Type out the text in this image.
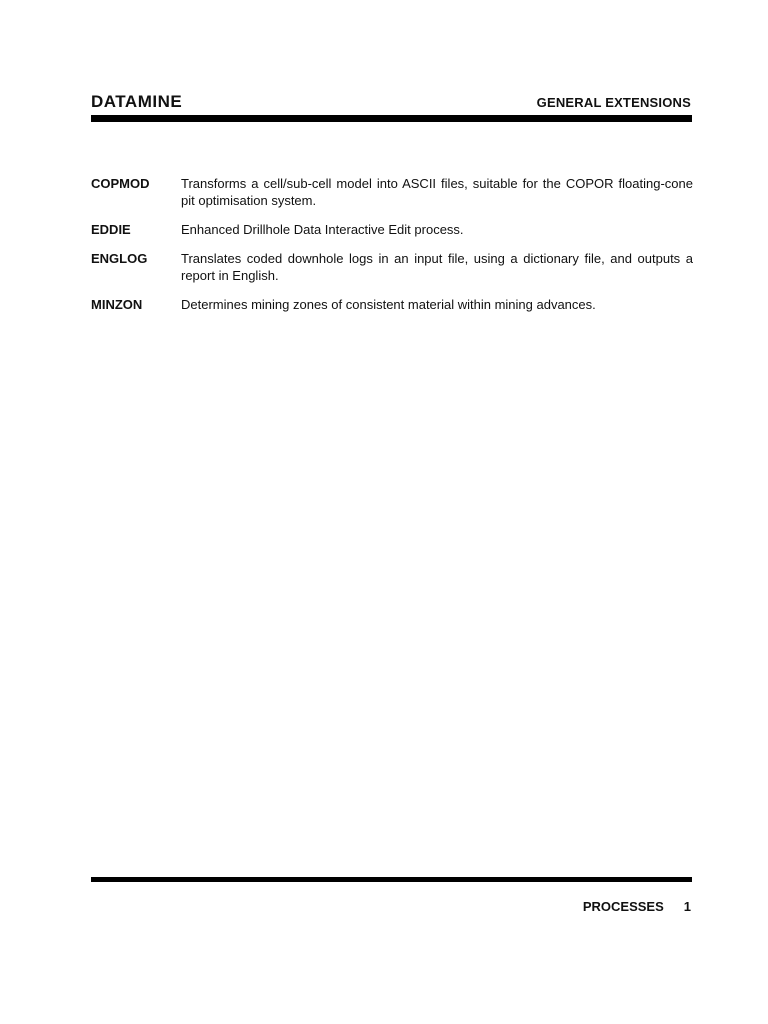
DATAMINE	GENERAL EXTENSIONS
COPMOD	Transforms a cell/sub-cell model into ASCII files, suitable for the COPOR floating-cone pit optimisation system.
EDDIE	Enhanced Drillhole Data Interactive Edit process.
ENGLOG	Translates coded downhole logs in an input file, using a dictionary file, and outputs a report in English.
MINZON	Determines mining zones of consistent material within mining advances.
PROCESSES 1
